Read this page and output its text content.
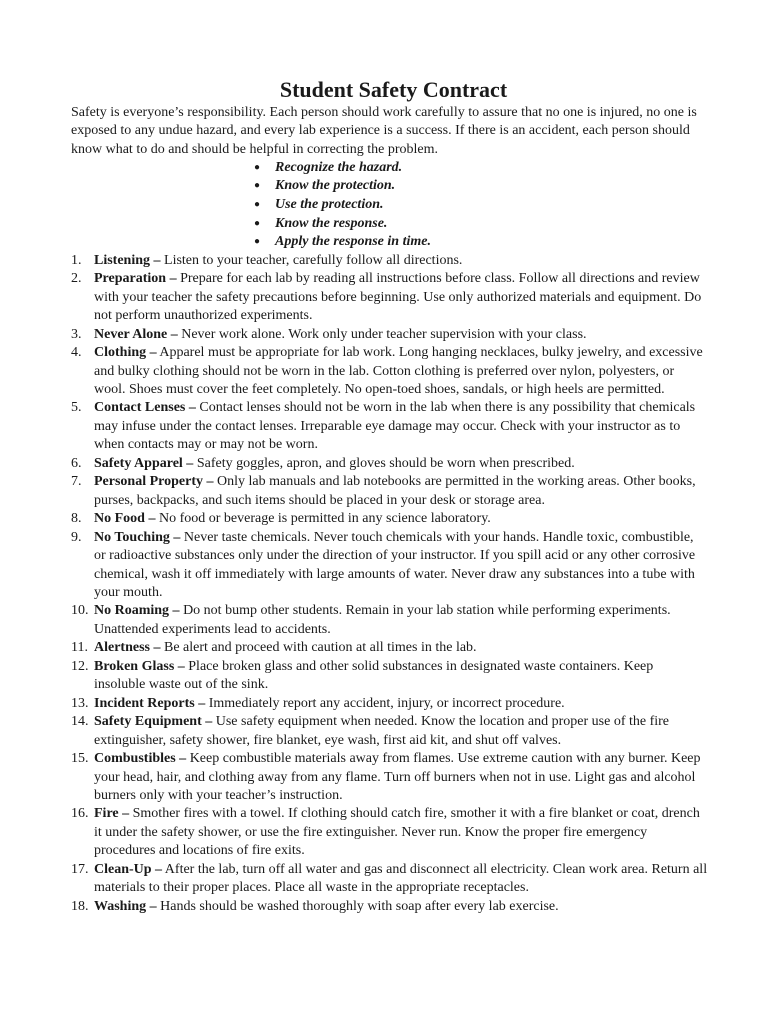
Student Safety Contract

Safety is everyone’s responsibility. Each person should work carefully to assure that no one is injured, no one is exposed to any undue hazard, and every lab experience is a success. If there is an accident, each person should know what to do and should be helpful in correcting the problem.

● Recognize the hazard.
● Know the protection.
● Use the protection.
● Know the response.
● Apply the response in time.
1. Listening – Listen to your teacher, carefully follow all directions.
2. Preparation – Prepare for each lab by reading all instructions before class. Follow all directions and review with your teacher the safety precautions before beginning. Use only authorized materials and equipment. Do not perform unauthorized experiments.
3. Never Alone – Never work alone. Work only under teacher supervision with your class.
4. Clothing – Apparel must be appropriate for lab work. Long hanging necklaces, bulky jewelry, and excessive and bulky clothing should not be worn in the lab. Cotton clothing is preferred over nylon, polyesters, or wool. Shoes must cover the feet completely. No open-toed shoes, sandals, or high heels are permitted.
5. Contact Lenses – Contact lenses should not be worn in the lab when there is any possibility that chemicals may infuse under the contact lenses. Irreparable eye damage may occur. Check with your instructor as to when contacts may or may not be worn.
6. Safety Apparel – Safety goggles, apron, and gloves should be worn when prescribed.
7. Personal Property – Only lab manuals and lab notebooks are permitted in the working areas. Other books, purses, backpacks, and such items should be placed in your desk or storage area.
8. No Food – No food or beverage is permitted in any science laboratory.
9. No Touching – Never taste chemicals. Never touch chemicals with your hands. Handle toxic, combustible, or radioactive substances only under the direction of your instructor. If you spill acid or any other corrosive chemical, wash it off immediately with large amounts of water. Never draw any substances into a tube with your mouth.
10. No Roaming – Do not bump other students. Remain in your lab station while performing experiments. Unattended experiments lead to accidents.
11. Alertness – Be alert and proceed with caution at all times in the lab.
12. Broken Glass – Place broken glass and other solid substances in designated waste containers. Keep insoluble waste out of the sink.
13. Incident Reports – Immediately report any accident, injury, or incorrect procedure.
14. Safety Equipment – Use safety equipment when needed. Know the location and proper use of the fire extinguisher, safety shower, fire blanket, eye wash, first aid kit, and shut off valves.
15. Combustibles – Keep combustible materials away from flames. Use extreme caution with any burner. Keep your head, hair, and clothing away from any flame. Turn off burners when not in use. Light gas and alcohol burners only with your teacher’s instruction.
16. Fire – Smother fires with a towel. If clothing should catch fire, smother it with a fire blanket or coat, drench it under the safety shower, or use the fire extinguisher. Never run. Know the proper fire emergency procedures and locations of fire exits.
17. Clean-Up – After the lab, turn off all water and gas and disconnect all electricity. Clean work area. Return all materials to their proper places. Place all waste in the appropriate receptacles.
18. Washing – Hands should be washed thoroughly with soap after every lab exercise.
